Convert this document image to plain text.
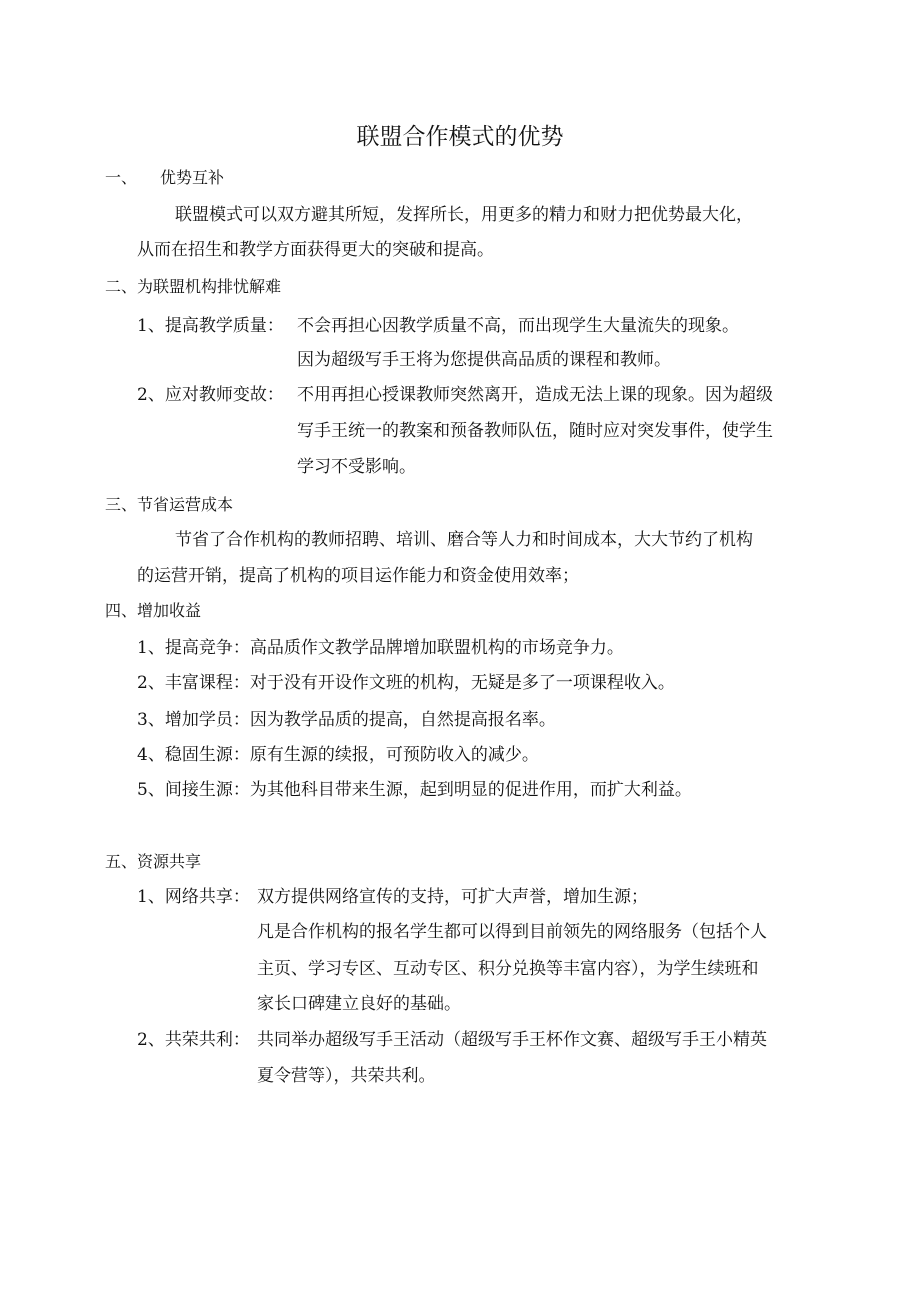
联盟合作模式的优势
一、 优势互补
联盟模式可以双方避其所短，发挥所长，用更多的精力和财力把优势最大化，
从而在招生和教学方面获得更大的突破和提高。
二、为联盟机构排忧解难
1、提高教学质量： 不会再担心因教学质量不高，而出现学生大量流失的现象。
因为超级写手王将为您提供高品质的课程和教师。
2、应对教师变故： 不用再担心授课教师突然离开，造成无法上课的现象。因为超级
写手王统一的教案和预备教师队伍，随时应对突发事件，使学生
学习不受影响。
三、节省运营成本
节省了合作机构的教师招聘、培训、磨合等人力和时间成本，大大节约了机构
的运营开销，提高了机构的项目运作能力和资金使用效率；
四、增加收益
1、提高竞争：高品质作文教学品牌增加联盟机构的市场竞争力。
2、丰富课程：对于没有开设作文班的机构，无疑是多了一项课程收入。
3、增加学员：因为教学品质的提高，自然提高报名率。
4、稳固生源：原有生源的续报，可预防收入的减少。
5、间接生源：为其他科目带来生源，起到明显的促进作用，而扩大利益。
五、资源共享
1、网络共享： 双方提供网络宣传的支持，可扩大声誉，增加生源；
凡是合作机构的报名学生都可以得到目前领先的网络服务（包括个人
主页、学习专区、互动专区、积分兑换等丰富内容），为学生续班和
家长口碑建立良好的基础。
2、共荣共利： 共同举办超级写手王活动（超级写手王杯作文赛、超级写手王小精英
夏令营等），共荣共利。
